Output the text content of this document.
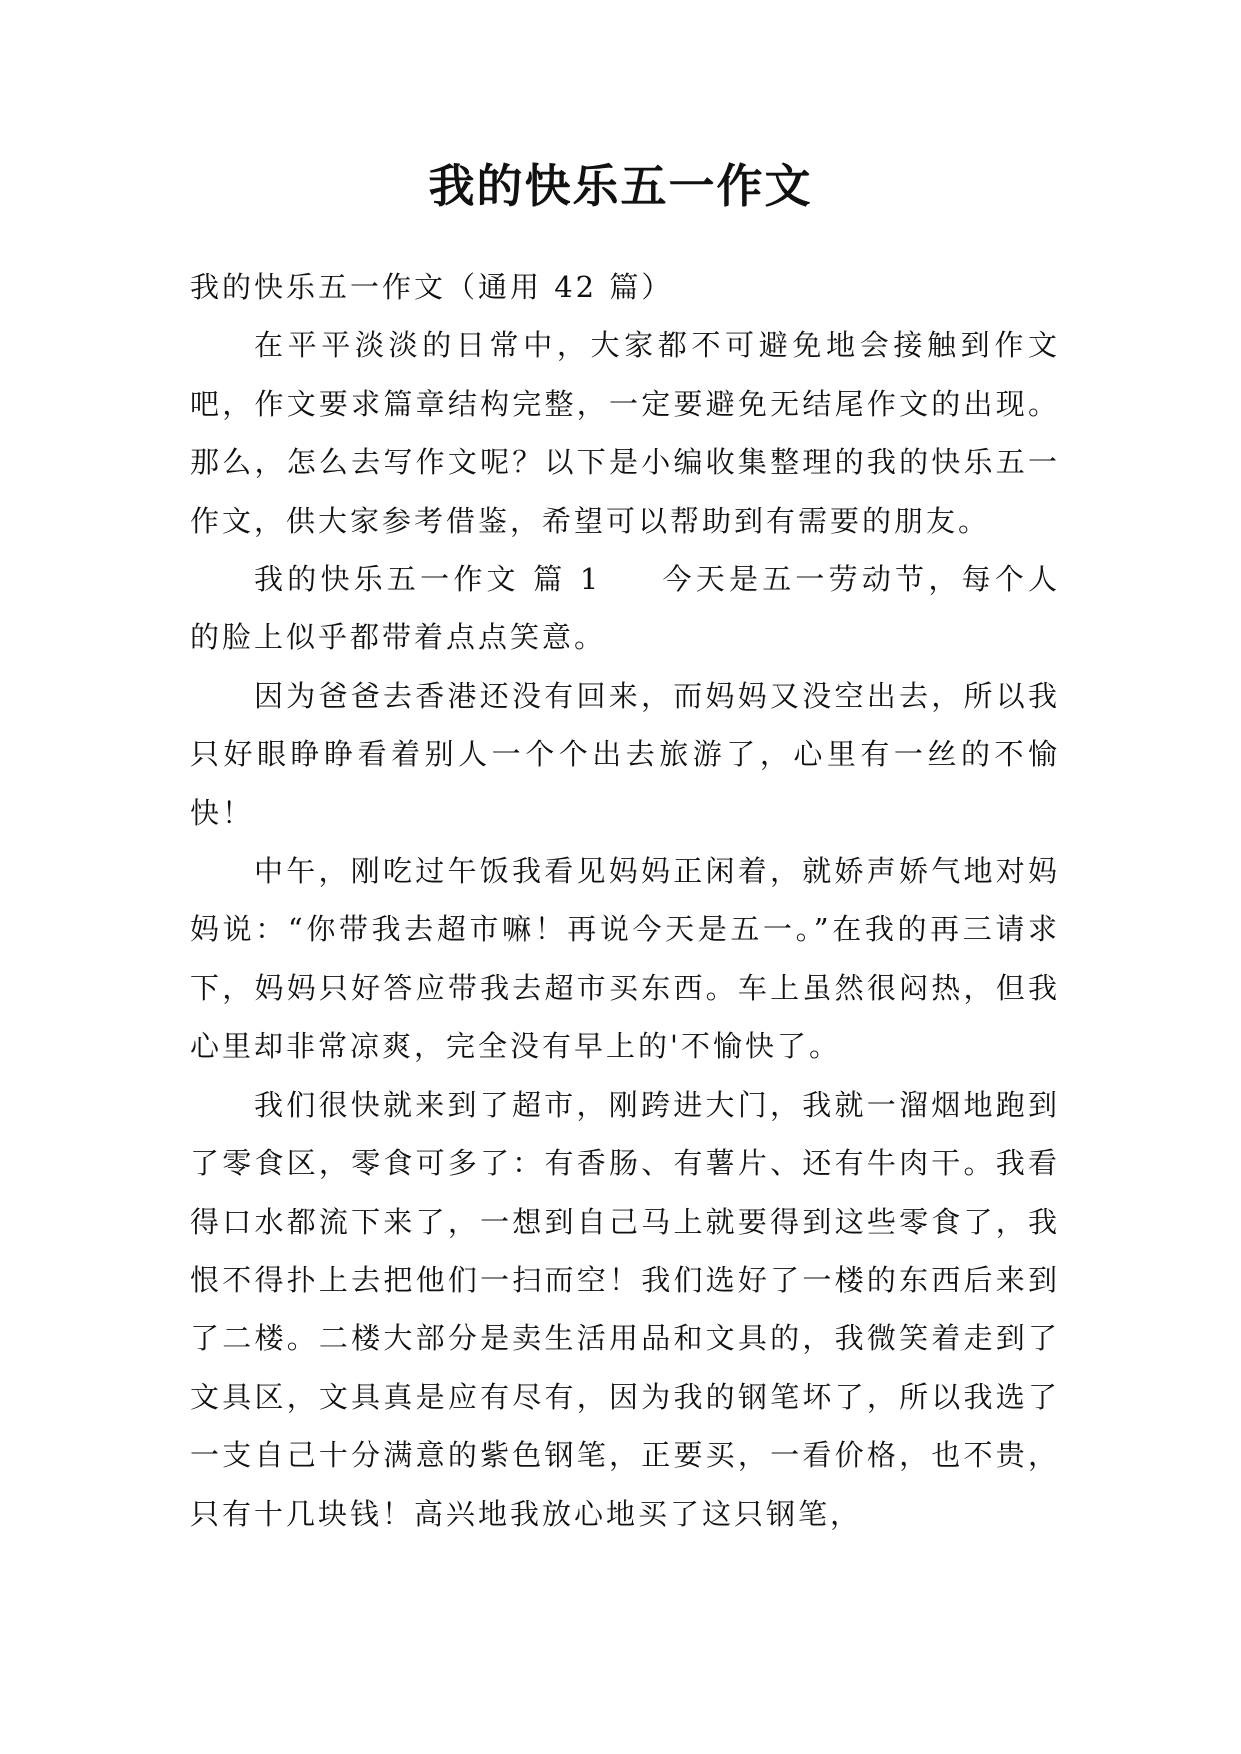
我的快乐五一作文

我的快乐五一作文（通用 42 篇）

在平平淡淡的日常中，大家都不可避免地会接触到作文吧，作文要求篇章结构完整，一定要避免无结尾作文的出现。那么，怎么去写作文呢？以下是小编收集整理的我的快乐五一作文，供大家参考借鉴，希望可以帮助到有需要的朋友。

我的快乐五一作文 篇 1 今天是五一劳动节，每个人的脸上似乎都带着点点笑意。

因为爸爸去香港还没有回来，而妈妈又没空出去，所以我只好眼睁睁看着别人一个个出去旅游了，心里有一丝的不愉快！

中午，刚吃过午饭我看见妈妈正闲着，就娇声娇气地对妈妈说：“你带我去超市嘛！再说今天是五一。”在我的再三请求下，妈妈只好答应带我去超市买东西。车上虽然很闷热，但我心里却非常凉爽，完全没有早上的'不愉快了。

我们很快就来到了超市，刚跨进大门，我就一溜烟地跑到了零食区，零食可多了：有香肠、有薯片、还有牛肉干。我看得口水都流下来了，一想到自己马上就要得到这些零食了，我恨不得扑上去把他们一扫而空！我们选好了一楼的东西后来到了二楼。二楼大部分是卖生活用品和文具的，我微笑着走到了文具区，文具真是应有尽有，因为我的钢笔坏了，所以我选了一支自己十分满意的紫色钢笔，正要买，一看价格，也不贵，只有十几块钱！高兴地我放心地买了这只钢笔，
